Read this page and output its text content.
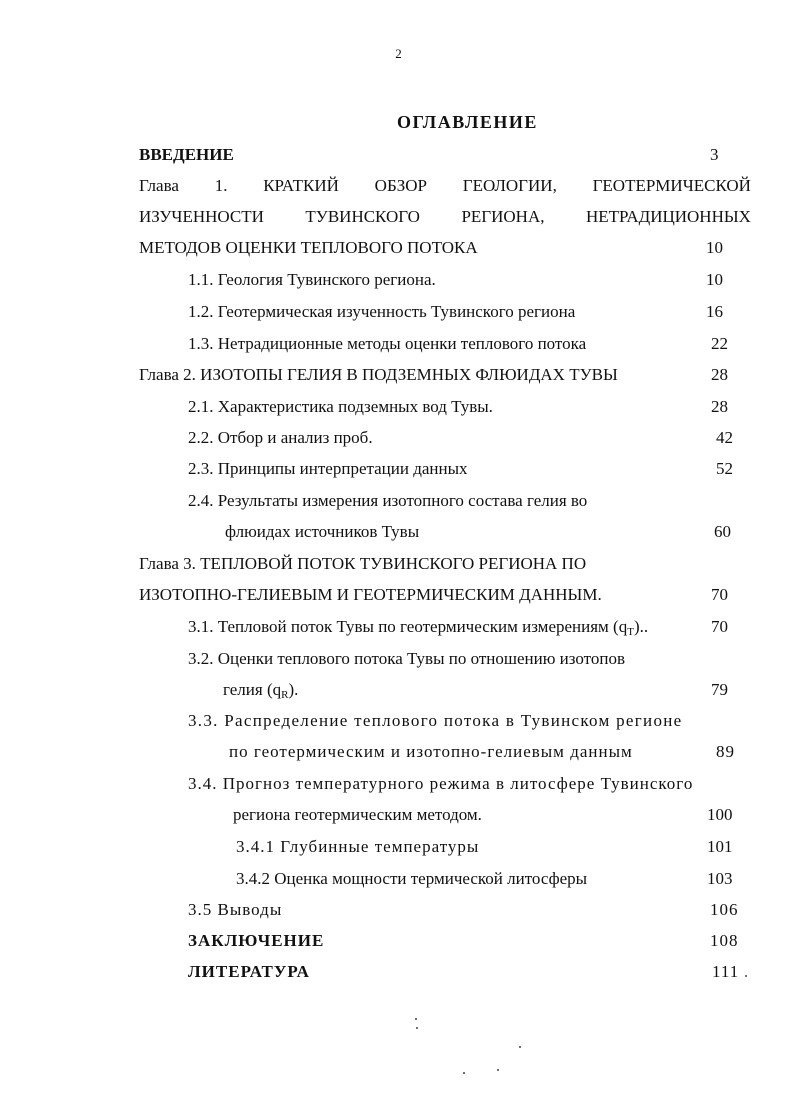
2
ОГЛАВЛЕНИЕ
ВВЕДЕНИЕ	3
Глава 1. КРАТКИЙ ОБЗОР ГЕОЛОГИИ, ГЕОТЕРМИЧЕСКОЙ
ИЗУЧЕННОСТИ ТУВИНСКОГО РЕГИОНА, НЕТРАДИЦИОННЫХ
МЕТОДОВ ОЦЕНКИ ТЕПЛОВОГО ПОТОКА	10
1.1. Геология Тувинского региона.	10
1.2. Геотермическая изученность Тувинского региона	16
1.3. Нетрадиционные методы оценки теплового потока	22
Глава 2. ИЗОТОПЫ ГЕЛИЯ В ПОДЗЕМНЫХ ФЛЮИДАХ ТУВЫ	28
2.1. Характеристика подземных вод Тувы.	28
2.2. Отбор и анализ проб.	42
2.3. Принципы интерпретации данных	52
2.4. Результаты измерения изотопного состава гелия во
флюидах источников Тувы	60
Глава 3. ТЕПЛОВОЙ ПОТОК ТУВИНСКОГО РЕГИОНА ПО
ИЗОТОПНО-ГЕЛИЕВЫМ И ГЕОТЕРМИЧЕСКИМ ДАННЫМ.	70
3.1. Тепловой поток Тувы по геотермическим измерениям $(q_T)$..	70
3.2. Оценки теплового потока Тувы по отношению изотопов
гелия $(q_R)$.	79
3.3. Распределение теплового потока в Тувинском регионе
по геотермическим и изотопно-гелиевым данным	89
3.4. Прогноз температурного режима в литосфере Тувинского
региона геотермическим методом.	100
3.4.1 Глубинные температуры	101
3.4.2 Оценка мощности термической литосферы	103
3.5 Выводы	106
ЗАКЛЮЧЕНИЕ	108
ЛИТЕРАТУРА	111
